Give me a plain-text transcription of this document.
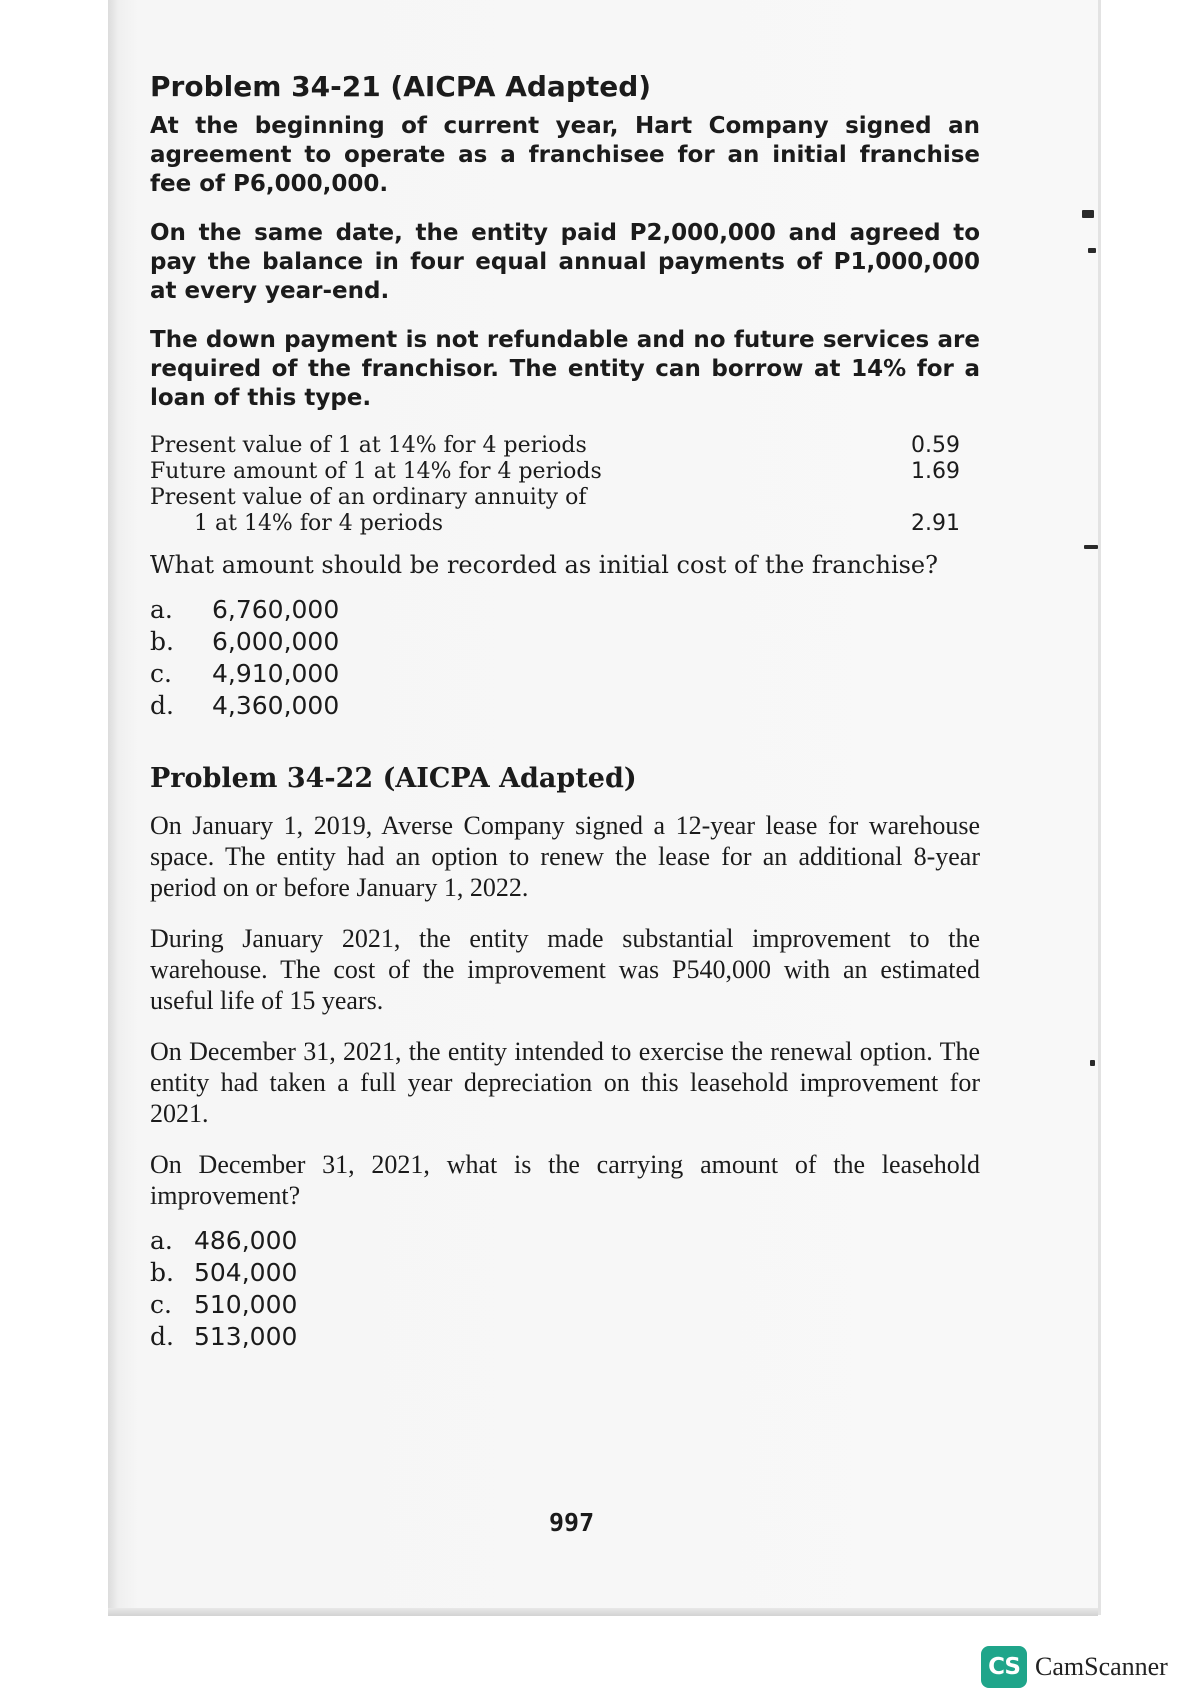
Problem 34-21 (AICPA Adapted)

At the beginning of current year, Hart Company signed an agreement to operate as a franchisee for an initial franchise fee of P6,000,000.

On the same date, the entity paid P2,000,000 and agreed to pay the balance in four equal annual payments of P1,000,000 at every year-end.

The down payment is not refundable and no future services are required of the franchisor. The entity can borrow at 14% for a loan of this type.

Present value of 1 at 14% for 4 periods	0.59
Future amount of 1 at 14% for 4 periods	1.69
Present value of an ordinary annuity of
1 at 14% for 4 periods	2.91

What amount should be recorded as initial cost of the franchise?

a.	6,760,000
b.	6,000,000
c.	4,910,000
d.	4,360,000
Problem 34-22 (AICPA Adapted)

On January 1, 2019, Averse Company signed a 12-year lease for warehouse space. The entity had an option to renew the lease for an additional 8-year period on or before January 1, 2022.

During January 2021, the entity made substantial improvement to the warehouse. The cost of the improvement was P540,000 with an estimated useful life of 15 years.

On December 31, 2021, the entity intended to exercise the renewal option. The entity had taken a full year depreciation on this leasehold improvement for 2021.

On December 31, 2021, what is the carrying amount of the leasehold improvement?

a. 486,000
b. 504,000
c. 510,000
d. 513,000
997
CS CamScanner
